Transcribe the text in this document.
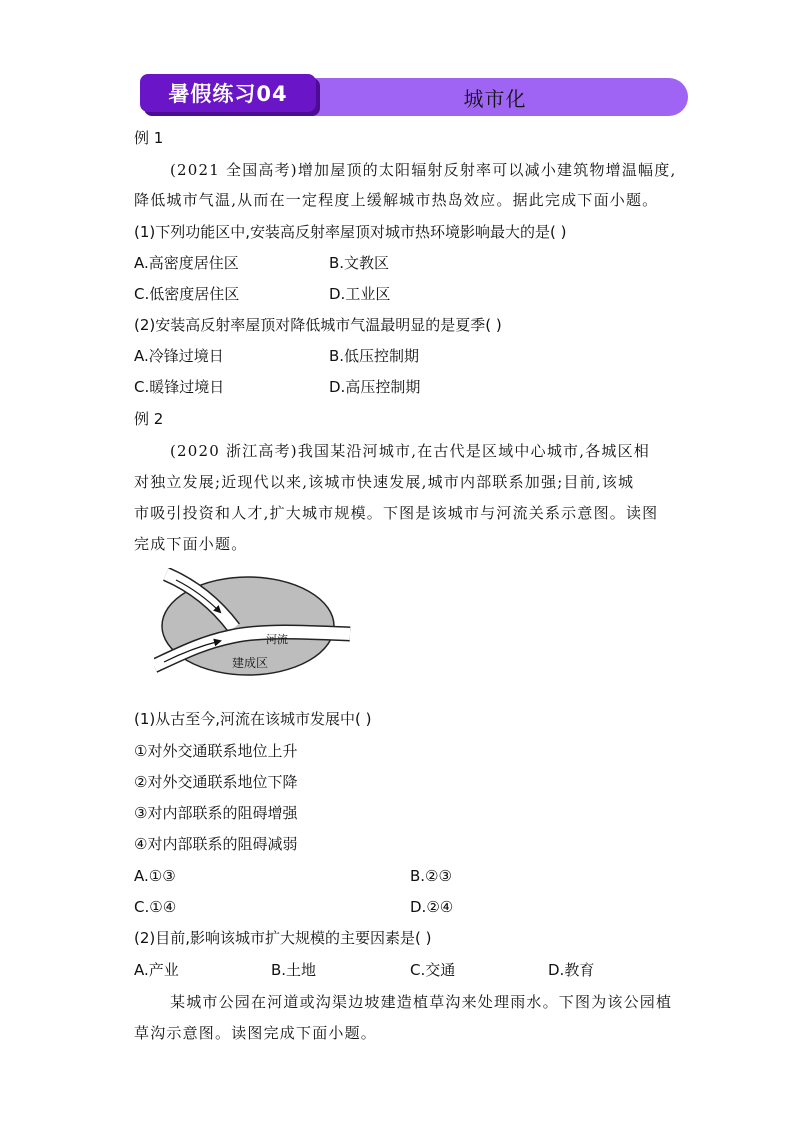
暑假练习04	城市化
例 1
(2021 全国高考)增加屋顶的太阳辐射反射率可以减小建筑物增温幅度,
降低城市气温,从而在一定程度上缓解城市热岛效应。据此完成下面小题。
(1)下列功能区中,安装高反射率屋顶对城市热环境影响最大的是( )
A.高密度居住区	B.文教区
C.低密度居住区	D.工业区
(2)安装高反射率屋顶对降低城市气温最明显的是夏季( )
A.冷锋过境日	B.低压控制期
C.暖锋过境日	D.高压控制期
例 2
(2020 浙江高考)我国某沿河城市,在古代是区域中心城市,各城区相
对独立发展;近现代以来,该城市快速发展,城市内部联系加强;目前,该城
市吸引投资和人才,扩大城市规模。下图是该城市与河流关系示意图。读图
完成下面小题。
河流
建成区
(1)从古至今,河流在该城市发展中( )
①对外交通联系地位上升
②对外交通联系地位下降
③对内部联系的阻碍增强
④对内部联系的阻碍减弱
A.①③	B.②③
C.①④	D.②④
(2)目前,影响该城市扩大规模的主要因素是( )
A.产业	B.土地	C.交通	D.教育
某城市公园在河道或沟渠边坡建造植草沟来处理雨水。下图为该公园植
草沟示意图。读图完成下面小题。
